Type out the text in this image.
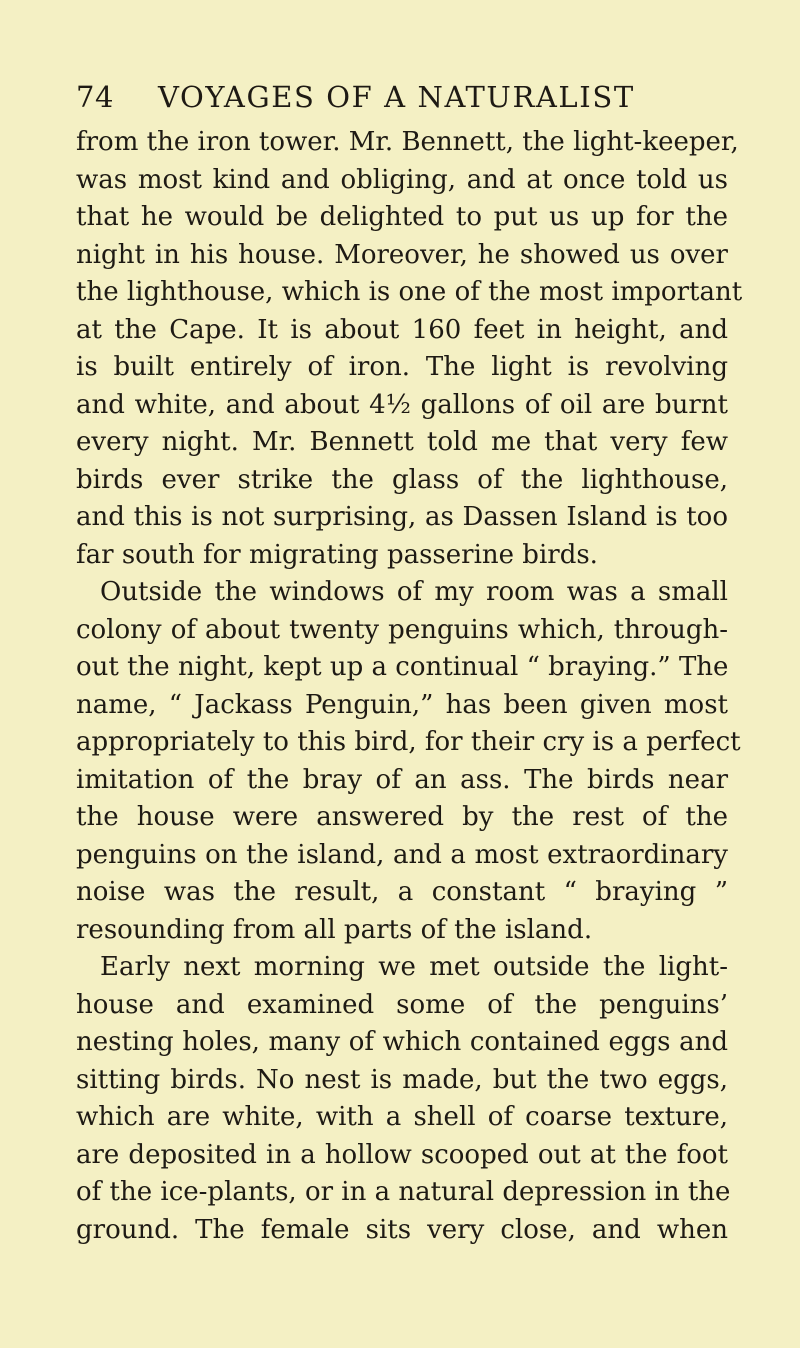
74 VOYAGES OF A NATURALIST
from the iron tower. Mr. Bennett, the light-keeper,
was most kind and obliging, and at once told us
that he would be delighted to put us up for the
night in his house. Moreover, he showed us over
the lighthouse, which is one of the most important
at the Cape. It is about 160 feet in height, and
is built entirely of iron. The light is revolving
and white, and about 4½ gallons of oil are burnt
every night. Mr. Bennett told me that very few
birds ever strike the glass of the lighthouse,
and this is not surprising, as Dassen Island is too
far south for migrating passerine birds.
Outside the windows of my room was a small
colony of about twenty penguins which, through-
out the night, kept up a continual “ braying.” The
name, “ Jackass Penguin,” has been given most
appropriately to this bird, for their cry is a perfect
imitation of the bray of an ass. The birds near
the house were answered by the rest of the
penguins on the island, and a most extraordinary
noise was the result, a constant “ braying ”
resounding from all parts of the island.
Early next morning we met outside the light-
house and examined some of the penguins’
nesting holes, many of which contained eggs and
sitting birds. No nest is made, but the two eggs,
which are white, with a shell of coarse texture,
are deposited in a hollow scooped out at the foot
of the ice-plants, or in a natural depression in the
ground. The female sits very close, and when
